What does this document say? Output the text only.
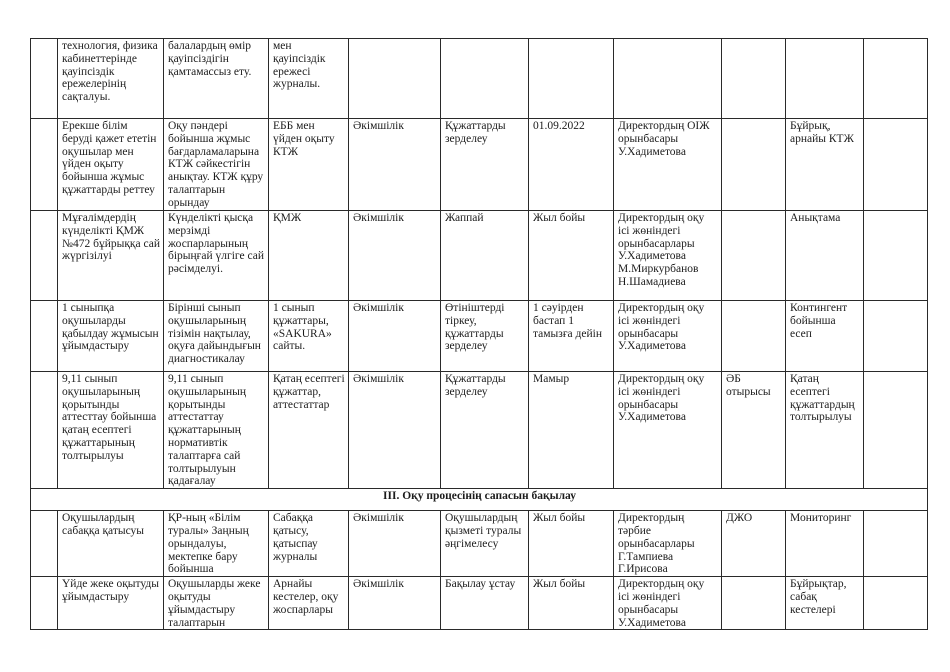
	технология, физика кабинеттерінде қауіпсіздік ережелерінің сақталуы.	балалардың өмір қауіпсіздігін қамтамассыз ету.	мен қауіпсіздік ережесі журналы.							
	Ерекше білім беруді қажет ететін оқушылар мен үйден оқыту бойынша жұмыс құжаттарды реттеу	Оқу пәндері бойынша жұмыс бағдарламаларына КТЖ сәйкестігін анықтау. КТЖ құру талаптарын орындау	ЕББ мен үйден оқыту КТЖ	Әкімшілік	Құжаттарды зерделеу	01.09.2022	Директордың ОІЖ орынбасары У.Хадиметова		Бұйрық, арнайы КТЖ	
	Мұғалімдердің күнделікті ҚМЖ №472 бұйрыққа сай жүргізілуі	Күнделікті қысқа мерзімді жоспарларының бірыңғай үлгіге сай рәсімделуі.	ҚМЖ	Әкімшілік	Жаппай	Жыл бойы	Директордың оқу ісі жөніндегі орынбасарлары У.Хадиметова М.Миркурбанов Н.Шамадиева		Анықтама	
	1 сыныпқа оқушыларды қабылдау жұмысын ұйымдастыру	Бірінші сынып оқушыларының тізімін нақтылау, оқуға дайындығын диагностикалау	1 сынып құжаттары, «SAKURA» сайты.	Әкімшілік	Өтініштерді тіркеу, құжаттарды зерделеу	1 сәуірден бастап 1 тамызға дейін	Директордың оқу ісі жөніндегі орынбасары У.Хадиметова		Контингент бойынша есеп	
	9,11 сынып оқушыларының қорытынды аттесттау бойынша қатаң есептегі құжаттарының толтырылуы	9,11 сынып оқушыларының қорытынды аттестаттау құжаттарының нормативтік талаптарға сай толтырылуын қадағалау	Қатаң есептегі құжаттар, аттестаттар	Әкімшілік	Құжаттарды зерделеу	Мамыр	Директордың оқу ісі жөніндегі орынбасары У.Хадиметова	ӘБ отырысы	Қатаң есептегі құжаттардың толтырылуы	
III. Оқу процесінің сапасын бақылау										
	Оқушылардың сабаққа қатысуы	ҚР-ның «Білім туралы» Заңның орындалуы, мектепке бару бойынша	Сабаққа қатысу, қатыспау журналы	Әкімшілік	Оқушылардың қызметі туралы әңгімелесу	Жыл бойы	Директордың тәрбие орынбасарлары Г.Тампиева Г.Ирисова	ДЖО	Мониторинг	
	Үйде жеке оқытуды ұйымдастыру	Оқушыларды жеке оқытуды ұйымдастыру талаптарын	Арнайы кестелер, оқу жоспарлары	Әкімшілік	Бақылау ұстау	Жыл бойы	Директордың оқу ісі жөніндегі орынбасары У.Хадиметова		Бұйрықтар, сабақ кестелері	
